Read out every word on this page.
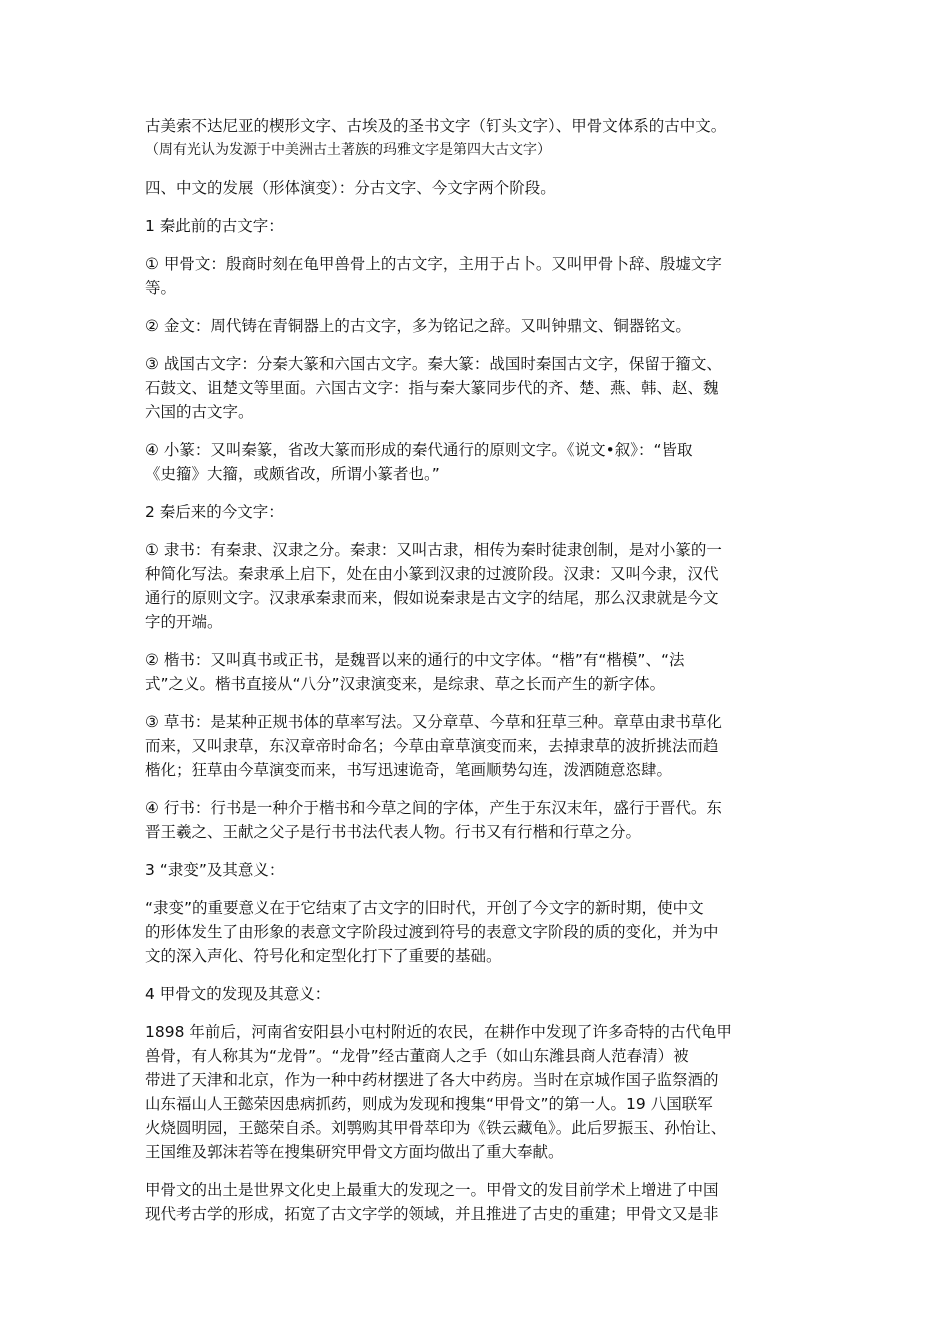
古美索不达尼亚的楔形文字、古埃及的圣书文字（钉头文字）、甲骨文体系的古中文。
（周有光认为发源于中美洲古土著族的玛雅文字是第四大古文字）

四、中文的发展（形体演变）：分古文字、今文字两个阶段。

1 秦此前的古文字：

① 甲骨文：殷商时刻在龟甲兽骨上的古文字，主用于占卜。又叫甲骨卜辞、殷墟文字
等。

② 金文：周代铸在青铜器上的古文字，多为铭记之辞。又叫钟鼎文、铜器铭文。

③ 战国古文字：分秦大篆和六国古文字。秦大篆：战国时秦国古文字，保留于籀文、
石鼓文、诅楚文等里面。六国古文字：指与秦大篆同步代的齐、楚、燕、韩、赵、魏
六国的古文字。

④ 小篆：又叫秦篆，省改大篆而形成的秦代通行的原则文字。《说文•叙》：“皆取
《史籀》大籀，或颇省改，所谓小篆者也。”

2 秦后来的今文字：

① 隶书：有秦隶、汉隶之分。秦隶：又叫古隶，相传为秦时徒隶创制，是对小篆的一
种简化写法。秦隶承上启下，处在由小篆到汉隶的过渡阶段。汉隶：又叫今隶，汉代
通行的原则文字。汉隶承秦隶而来，假如说秦隶是古文字的结尾，那么汉隶就是今文
字的开端。

② 楷书：又叫真书或正书，是魏晋以来的通行的中文字体。“楷”有“楷模”、“法
式”之义。楷书直接从“八分”汉隶演变来，是综隶、草之长而产生的新字体。

③ 草书：是某种正规书体的草率写法。又分章草、今草和狂草三种。章草由隶书草化
而来，又叫隶草，东汉章帝时命名；今草由章草演变而来，去掉隶草的波折挑法而趋
楷化；狂草由今草演变而来，书写迅速诡奇，笔画顺势勾连，泼洒随意恣肆。

④ 行书：行书是一种介于楷书和今草之间的字体，产生于东汉末年，盛行于晋代。东
晋王羲之、王献之父子是行书书法代表人物。行书又有行楷和行草之分。

3 “隶变”及其意义：

“隶变”的重要意义在于它结束了古文字的旧时代，开创了今文字的新时期，使中文
的形体发生了由形象的表意文字阶段过渡到符号的表意文字阶段的质的变化，并为中
文的深入声化、符号化和定型化打下了重要的基础。

4 甲骨文的发现及其意义：

1898 年前后，河南省安阳县小屯村附近的农民，在耕作中发现了许多奇特的古代龟甲
兽骨，有人称其为“龙骨”。“龙骨”经古董商人之手（如山东潍县商人范春清）被
带进了天津和北京，作为一种中药材摆进了各大中药房。当时在京城作国子监祭酒的
山东福山人王懿荣因患病抓药，则成为发现和搜集“甲骨文”的第一人。19 八国联军
火烧圆明园，王懿荣自杀。刘鹗购其甲骨萃印为《铁云藏龟》。此后罗振玉、孙怡让、
王国维及郭沫若等在搜集研究甲骨文方面均做出了重大奉献。

甲骨文的出土是世界文化史上最重大的发现之一。甲骨文的发目前学术上增进了中国
现代考古学的形成，拓宽了古文字学的领域，并且推进了古史的重建；甲骨文又是非
